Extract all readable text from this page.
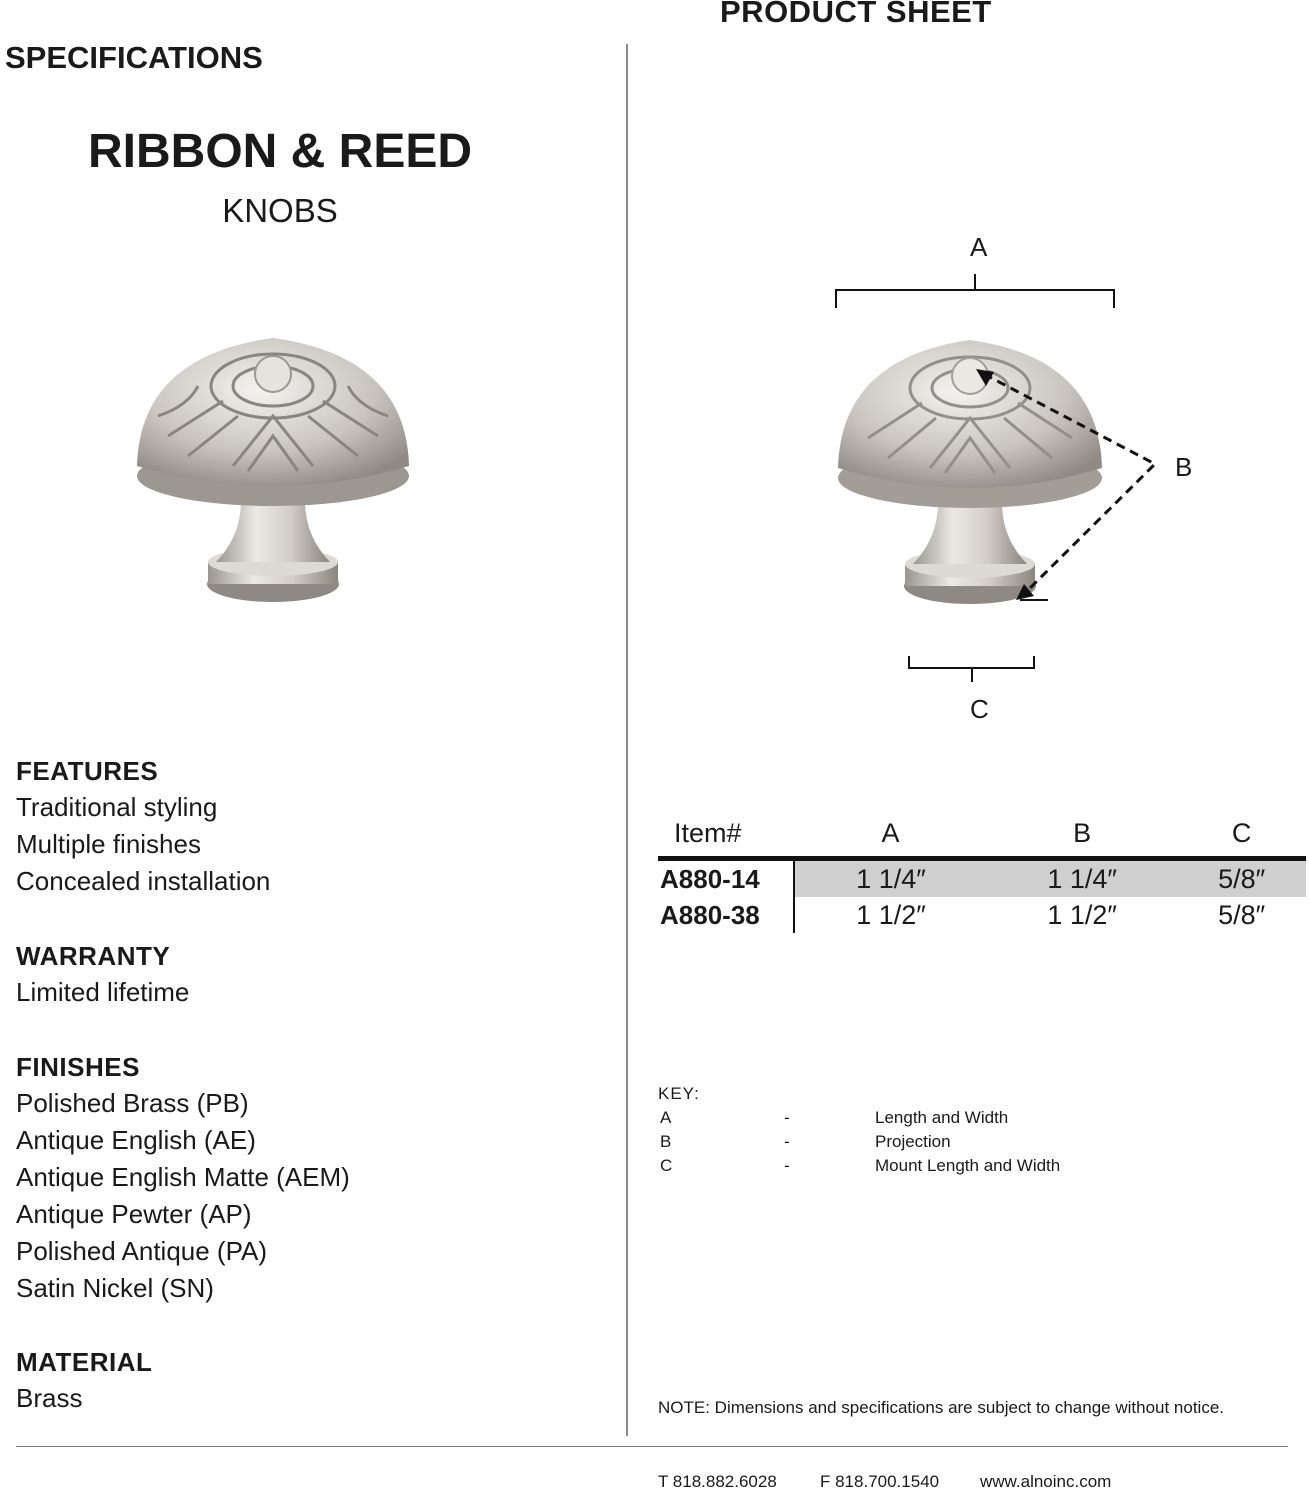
PRODUCT SHEET
SPECIFICATIONS
RIBBON & REED
KNOBS
A
B
C
FEATURES
Traditional styling
Multiple finishes
Concealed installation
WARRANTY
Limited lifetime
FINISHES
Polished Brass (PB)
Antique English (AE)
Antique English Matte (AEM)
Antique Pewter (AP)
Polished Antique (PA)
Satin Nickel (SN)
MATERIAL
Brass
Item#	A	B	C
A880-14	1 1/4″	1 1/4″	5/8″
A880-38	1 1/2″	1 1/2″	5/8″
KEY:
A	-	Length and Width
B	-	Projection
C	-	Mount Length and Width
NOTE: Dimensions and specifications are subject to change without notice.
T 818.882.6028	F 818.700.1540 www.alnoinc.com
